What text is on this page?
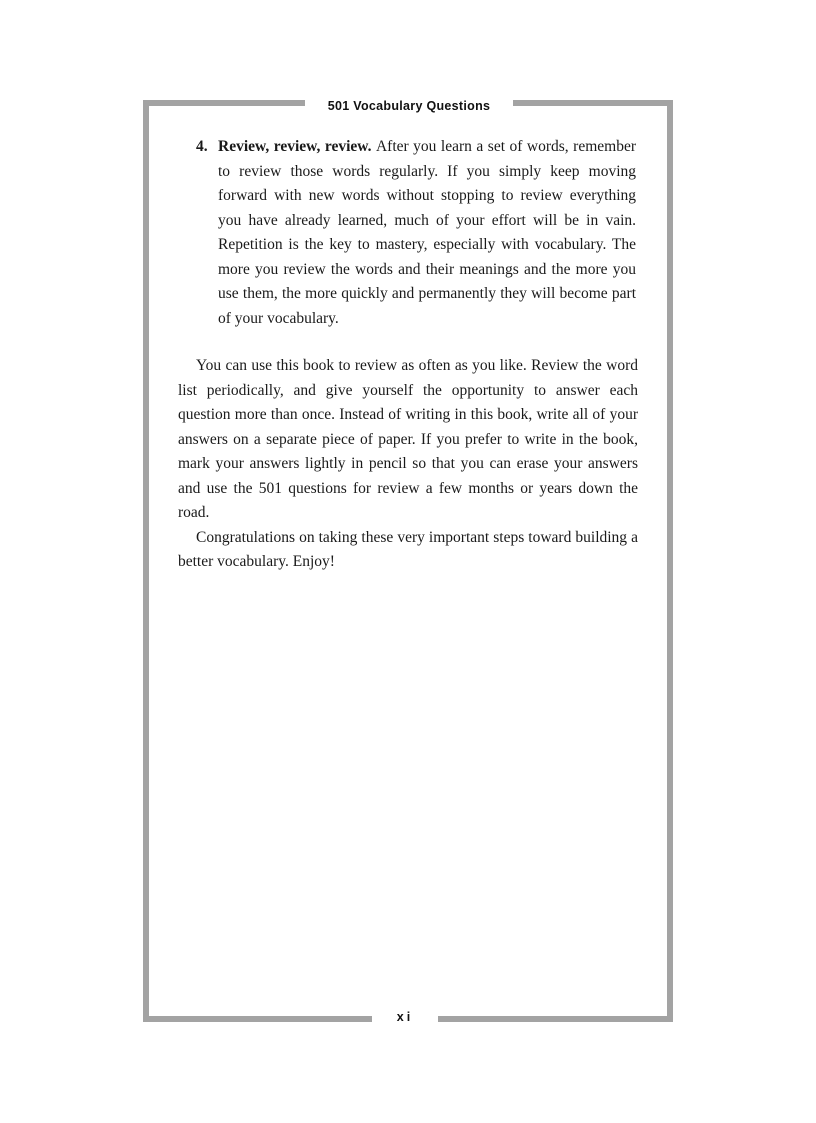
501 Vocabulary Questions
4. Review, review, review. After you learn a set of words, remember to review those words regularly. If you simply keep moving forward with new words without stopping to review everything you have already learned, much of your effort will be in vain. Repetition is the key to mastery, especially with vocabulary. The more you review the words and their meanings and the more you use them, the more quickly and permanently they will become part of your vocabulary.

You can use this book to review as often as you like. Review the word list periodically, and give yourself the opportunity to answer each question more than once. Instead of writing in this book, write all of your answers on a separate piece of paper. If you prefer to write in the book, mark your answers lightly in pencil so that you can erase your answers and use the 501 questions for review a few months or years down the road.

Congratulations on taking these very important steps toward building a better vocabulary. Enjoy!

xi
